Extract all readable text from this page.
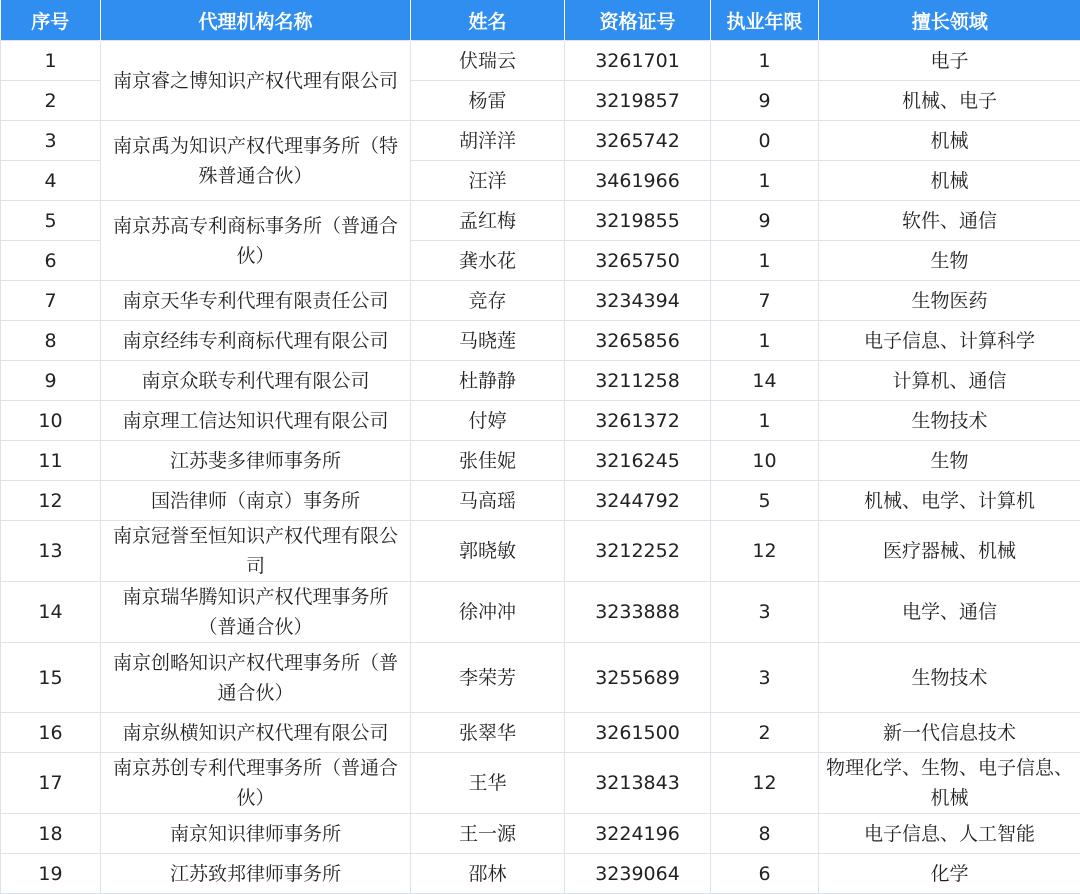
序号	代理机构名称	姓名	资格证号	执业年限	擅长领域
1	南京睿之博知识产权代理有限公司	伏瑞云	3261701	1	电子
2		杨雷	3219857	9	机械、电子
3	南京禹为知识产权代理事务所（特殊普通合伙）	胡洋洋	3265742	0	机械
4		汪洋	3461966	1	机械
5	南京苏高专利商标事务所（普通合伙）	孟红梅	3219855	9	软件、通信
6		龚水花	3265750	1	生物
7	南京天华专利代理有限责任公司	竞存	3234394	7	生物医药
8	南京经纬专利商标代理有限公司	马晓莲	3265856	1	电子信息、计算科学
9	南京众联专利代理有限公司	杜静静	3211258	14	计算机、通信
10	南京理工信达知识代理有限公司	付婷	3261372	1	生物技术
11	江苏斐多律师事务所	张佳妮	3216245	10	生物
12	国浩律师（南京）事务所	马高瑶	3244792	5	机械、电学、计算机
13	南京冠誉至恒知识产权代理有限公司	郭晓敏	3212252	12	医疗器械、机械
14	南京瑞华腾知识产权代理事务所（普通合伙）	徐冲冲	3233888	3	电学、通信
15	南京创略知识产权代理事务所（普通合伙）	李荣芳	3255689	3	生物技术
16	南京纵横知识产权代理有限公司	张翠华	3261500	2	新一代信息技术
17	南京苏创专利代理事务所（普通合伙）	王华	3213843	12	物理化学、生物、电子信息、机械
18	南京知识律师事务所	王一源	3224196	8	电子信息、人工智能
19	江苏致邦律师事务所	邵林	3239064	6	化学
